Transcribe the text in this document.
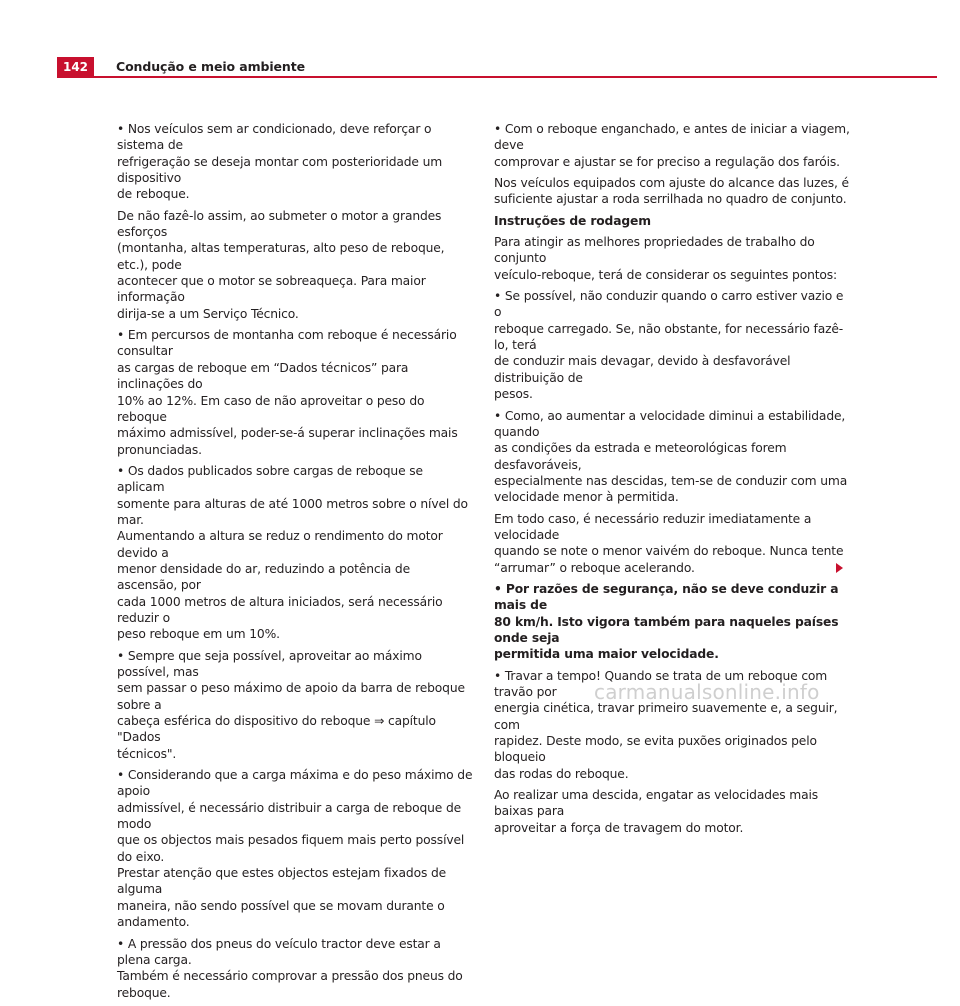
142	Condução e meio ambiente

• Nos veículos sem ar condicionado, deve reforçar o sistema de
refrigeração se deseja montar com posterioridade um dispositivo
de reboque.

De não fazê-lo assim, ao submeter o motor a grandes esforços
(montanha, altas temperaturas, alto peso de reboque, etc.), pode
acontecer que o motor se sobreaqueça. Para maior informação
dirija-se a um Serviço Técnico.

• Em percursos de montanha com reboque é necessário consultar
as cargas de reboque em “Dados técnicos” para inclinações do
10% ao 12%. Em caso de não aproveitar o peso do reboque
máximo admissível, poder-se-á superar inclinações mais
pronunciadas.

• Os dados publicados sobre cargas de reboque se aplicam
somente para alturas de até 1000 metros sobre o nível do mar.
Aumentando a altura se reduz o rendimento do motor devido a
menor densidade do ar, reduzindo a potência de ascensão, por
cada 1000 metros de altura iniciados, será necessário reduzir o
peso reboque em um 10%.

• Sempre que seja possível, aproveitar ao máximo possível, mas
sem passar o peso máximo de apoio da barra de reboque sobre a
cabeça esférica do dispositivo do reboque ⇒ capítulo "Dados
técnicos".

• Considerando que a carga máxima e do peso máximo de apoio
admissível, é necessário distribuir a carga de reboque de modo
que os objectos mais pesados fiquem mais perto possível do eixo.
Prestar atenção que estes objectos estejam fixados de alguma
maneira, não sendo possível que se movam durante o andamento.

• A pressão dos pneus do veículo tractor deve estar a plena carga.
Também é necessário comprovar a pressão dos pneus do reboque.

• Com o reboque enganchado, e antes de iniciar a viagem, deve
comprovar e ajustar se for preciso a regulação dos faróis.

Nos veículos equipados com ajuste do alcance das luzes, é
suficiente ajustar a roda serrilhada no quadro de conjunto.

Instruções de rodagem

Para atingir as melhores propriedades de trabalho do conjunto
veículo-reboque, terá de considerar os seguintes pontos:

• Se possível, não conduzir quando o carro estiver vazio e o
reboque carregado. Se, não obstante, for necessário fazê-lo, terá
de conduzir mais devagar, devido à desfavorável distribuição de
pesos.

• Como, ao aumentar a velocidade diminui a estabilidade, quando
as condições da estrada e meteorológicas forem desfavoráveis,
especialmente nas descidas, tem-se de conduzir com uma
velocidade menor à permitida.

Em todo caso, é necessário reduzir imediatamente a velocidade
quando se note o menor vaivém do reboque. Nunca tente
“arrumar” o reboque acelerando.

• Por razões de segurança, não se deve conduzir a mais de
80 km/h. Isto vigora também para naqueles países onde seja
permitida uma maior velocidade.

• Travar a tempo! Quando se trata de um reboque com travão por
energia cinética, travar primeiro suavemente e, a seguir, com
rapidez. Deste modo, se evita puxões originados pelo bloqueio
das rodas do reboque.

Ao realizar uma descida, engatar as velocidades mais baixas para
aproveitar a força de travagem do motor.

carmanualsonline.info
